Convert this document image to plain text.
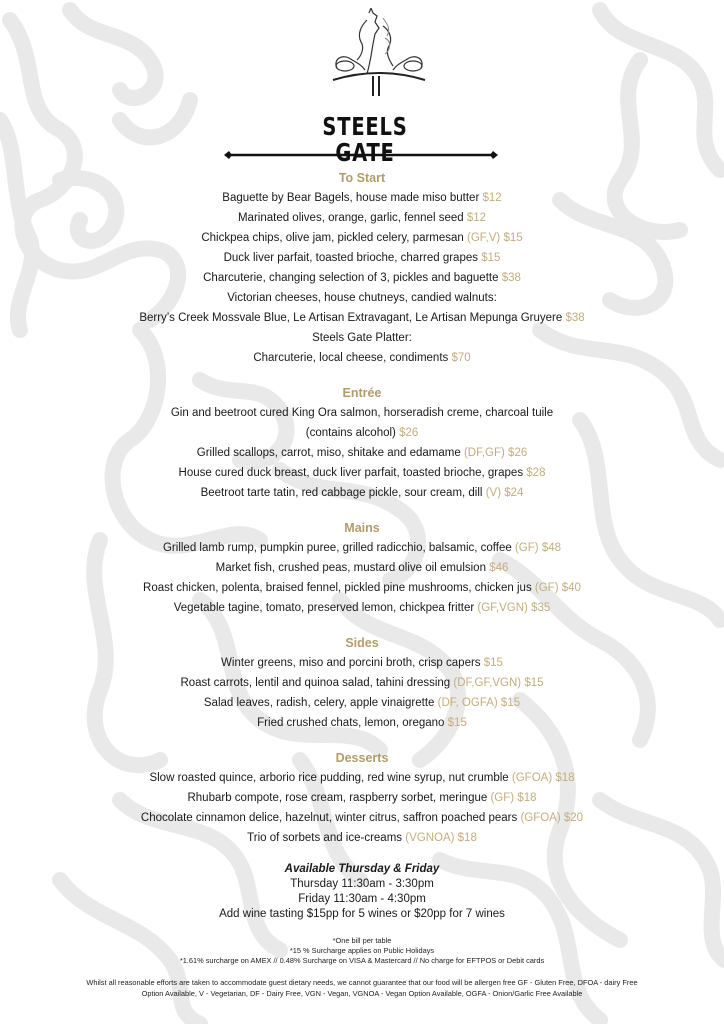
STEELS GATE
To Start
Baguette by Bear Bagels, house made miso butter $12
Marinated olives, orange, garlic, fennel seed $12
Chickpea chips, olive jam, pickled celery, parmesan (GF,V) $15
Duck liver parfait, toasted brioche, charred grapes $15
Charcuterie, changing selection of 3, pickles and baguette $38
Victorian cheeses, house chutneys, candied walnuts:
Berry’s Creek Mossvale Blue, Le Artisan Extravagant, Le Artisan Mepunga Gruyere $38
Steels Gate Platter:
Charcuterie, local cheese, condiments $70
Entrée
Gin and beetroot cured King Ora salmon, horseradish creme, charcoal tuile
(contains alcohol) $26
Grilled scallops, carrot, miso, shitake and edamame (DF,GF) $26
House cured duck breast, duck liver parfait, toasted brioche, grapes $28
Beetroot tarte tatin, red cabbage pickle, sour cream, dill (V) $24
Mains
Grilled lamb rump, pumpkin puree, grilled radicchio, balsamic, coffee (GF) $48
Market fish, crushed peas, mustard olive oil emulsion $46
Roast chicken, polenta, braised fennel, pickled pine mushrooms, chicken jus (GF) $40
Vegetable tagine, tomato, preserved lemon, chickpea fritter (GF,VGN) $35
Sides
Winter greens, miso and porcini broth, crisp capers $15
Roast carrots, lentil and quinoa salad, tahini dressing (DF,GF,VGN) $15
Salad leaves, radish, celery, apple vinaigrette (DF, OGFA) $15
Fried crushed chats, lemon, oregano $15
Desserts
Slow roasted quince, arborio rice pudding, red wine syrup, nut crumble (GFOA) $18
Rhubarb compote, rose cream, raspberry sorbet, meringue (GF) $18
Chocolate cinnamon delice, hazelnut, winter citrus, saffron poached pears (GFOA) $20
Trio of sorbets and ice-creams (VGNOA) $18
Available Thursday & Friday
Thursday 11:30am - 3:30pm
Friday 11:30am - 4:30pm
Add wine tasting $15pp for 5 wines or $20pp for 7 wines
*One bill per table
*15 % Surcharge applies on Public Holidays
*1.61% surcharge on AMEX // 0.48% Surcharge on VISA & Mastercard // No charge for EFTPOS or Debit cards
Whilst all reasonable efforts are taken to accommodate guest dietary needs, we cannot guarantee that our food will be allergen free GF - Gluten Free, DFOA - dairy Free Option Available, V - Vegetarian, DF - Dairy Free, VGN - Vegan, VGNOA - Vegan Option Available, OGFA - Onion/Garlic Free Available
